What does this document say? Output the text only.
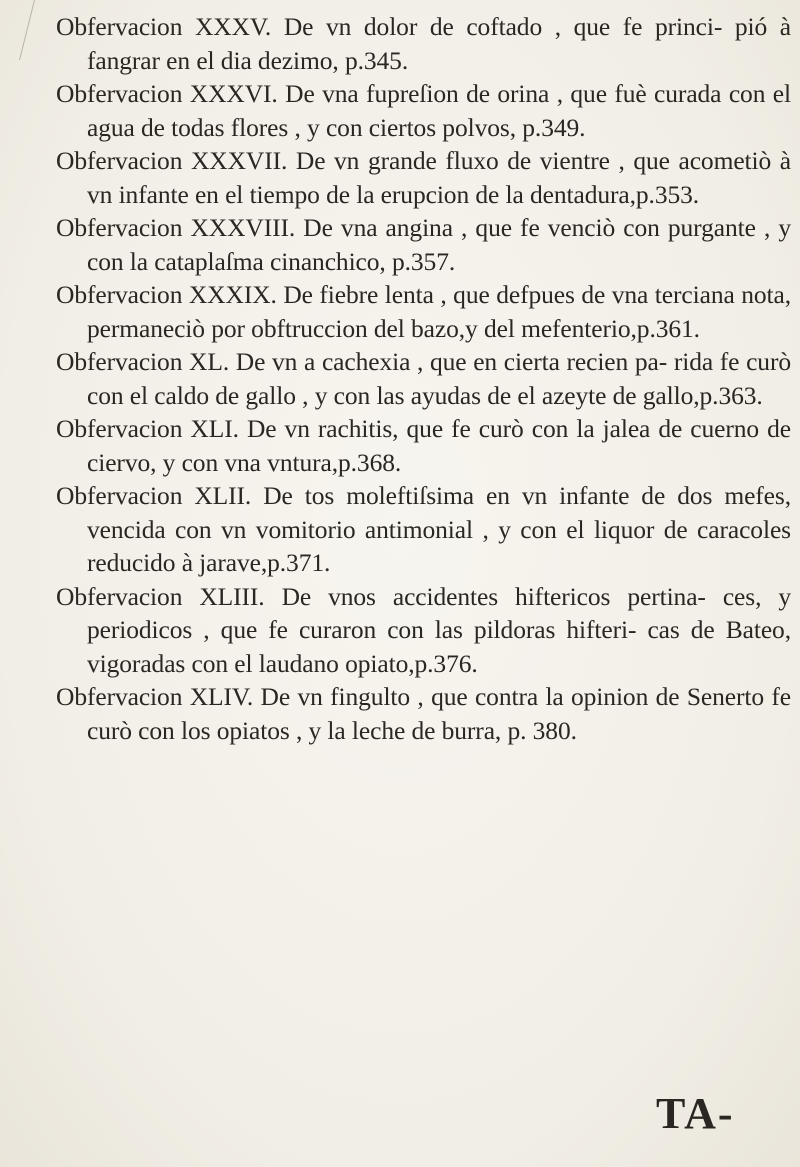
Obfervacion XXXV. De vn dolor de coftado , que fe princi- pió à fangrar en el dia dezimo, p.345.

Obfervacion XXXVI. De vna fupreſion de orina , que fuè curada con el agua de todas flores , y con ciertos polvos, p.349.

Obfervacion XXXVII. De vn grande fluxo de vientre , que acometiò à vn infante en el tiempo de la erupcion de la dentadura,p.353.

Obfervacion XXXVIII. De vna angina , que fe venciò con purgante , y con la cataplaſma cinanchico, p.357.

Obfervacion XXXIX. De fiebre lenta , que defpues de vna terciana nota, permaneciò por obftruccion del bazo,y del mefenterio,p.361.

Obfervacion XL. De vn a cachexia , que en cierta recien pa- rida fe curò con el caldo de gallo , y con las ayudas de el azeyte de gallo,p.363.

Obfervacion XLI. De vn rachitis, que fe curò con la jalea de cuerno de ciervo, y con vna vntura,p.368.

Obfervacion XLII. De tos moleftiſsima en vn infante de dos mefes, vencida con vn vomitorio antimonial , y con el liquor de caracoles reducido à jarave,p.371.

Obfervacion XLIII. De vnos accidentes hiftericos pertina- ces, y periodicos , que fe curaron con las pildoras hifteri- cas de Bateo, vigoradas con el laudano opiato,p.376.

Obfervacion XLIV. De vn fingulto , que contra la opinion de Senerto fe curò con los opiatos , y la leche de burra, p. 380.

TA-
